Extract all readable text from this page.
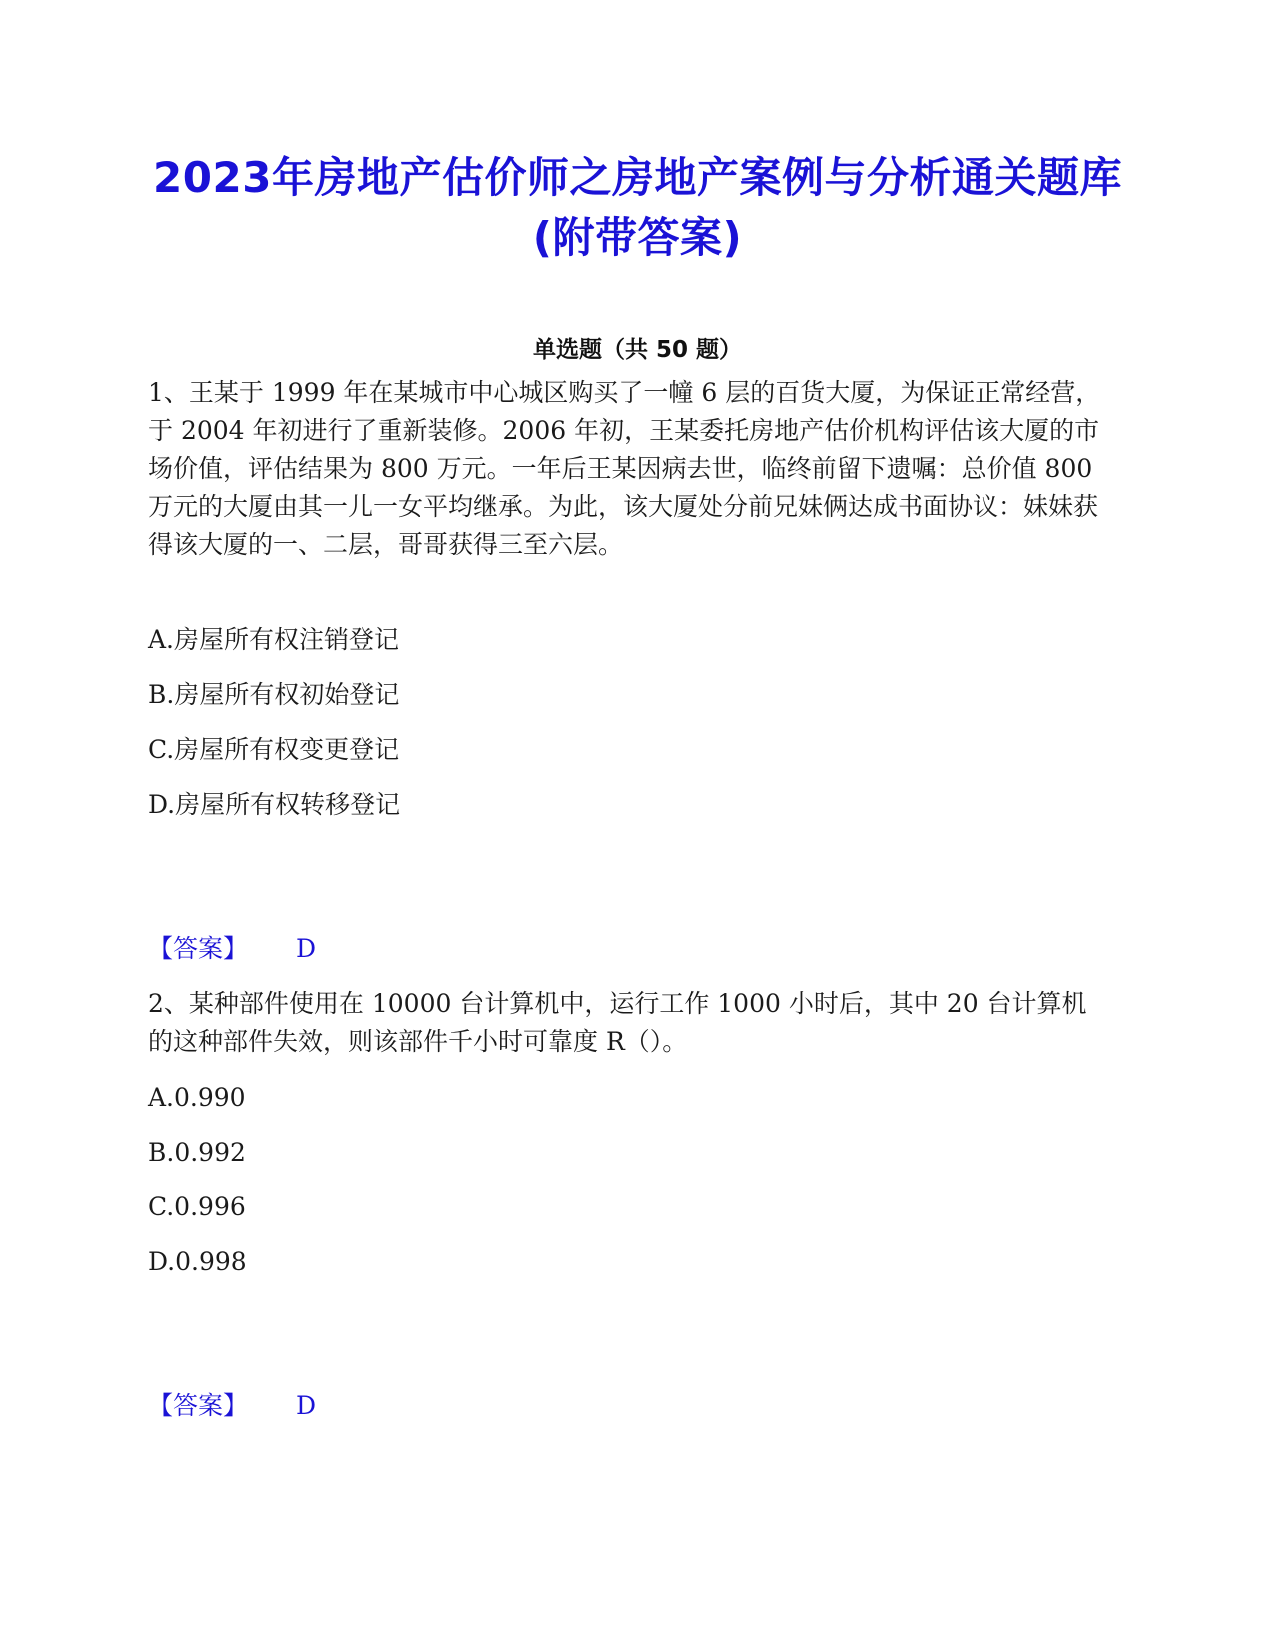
2023年房地产估价师之房地产案例与分析通关题库(附带答案)
单选题（共 50 题）
1、王某于 1999 年在某城市中心城区购买了一幢 6 层的百货大厦，为保证正常经营，于 2004 年初进行了重新装修。2006 年初，王某委托房地产估价机构评估该大厦的市场价值，评估结果为 800 万元。一年后王某因病去世，临终前留下遗嘱：总价值 800 万元的大厦由其一儿一女平均继承。为此，该大厦处分前兄妹俩达成书面协议：妹妹获得该大厦的一、二层，哥哥获得三至六层。
A.房屋所有权注销登记
B.房屋所有权初始登记
C.房屋所有权变更登记
D.房屋所有权转移登记
【答案】 D
2、某种部件使用在 10000 台计算机中，运行工作 1000 小时后，其中 20 台计算机的这种部件失效，则该部件千小时可靠度 R（）。
A.0.990
B.0.992
C.0.996
D.0.998
【答案】 D
